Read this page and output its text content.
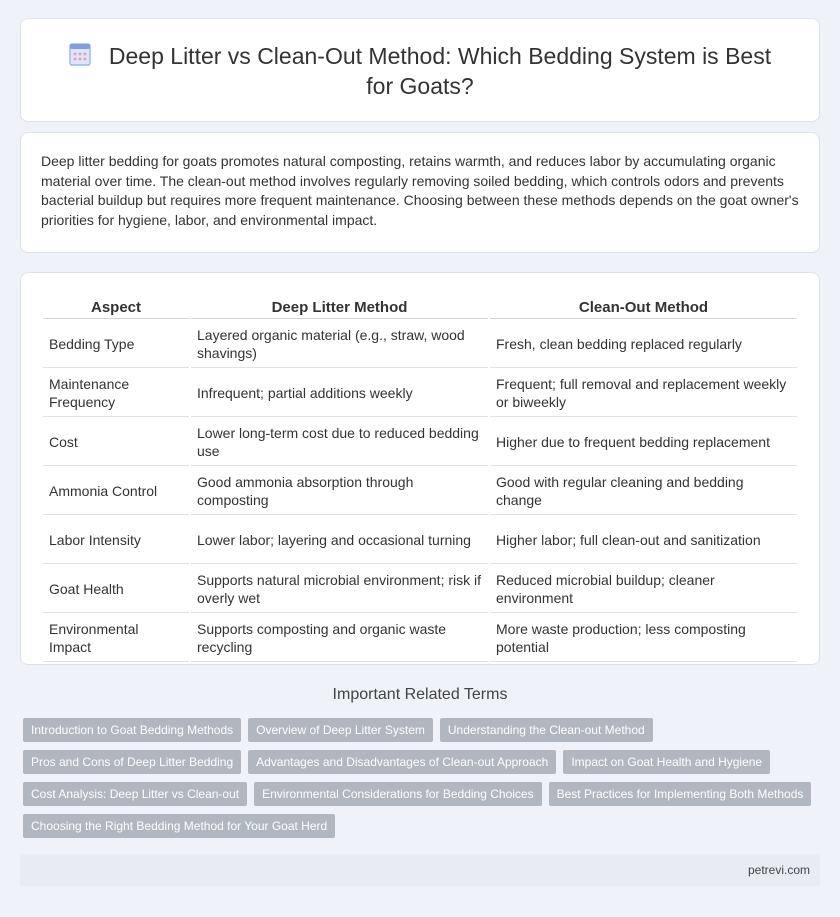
Deep Litter vs Clean-Out Method: Which Bedding System is Best for Goats?

Deep litter bedding for goats promotes natural composting, retains warmth, and reduces labor by accumulating organic material over time. The clean-out method involves regularly removing soiled bedding, which controls odors and prevents bacterial buildup but requires more frequent maintenance. Choosing between these methods depends on the goat owner's priorities for hygiene, labor, and environmental impact.

Aspect	Deep Litter Method	Clean-Out Method
Bedding Type	Layered organic material (e.g., straw, wood shavings)	Fresh, clean bedding replaced regularly
Maintenance Frequency	Infrequent; partial additions weekly	Frequent; full removal and replacement weekly or biweekly
Cost	Lower long-term cost due to reduced bedding use	Higher due to frequent bedding replacement
Ammonia Control	Good ammonia absorption through composting	Good with regular cleaning and bedding change
Labor Intensity	Lower labor; layering and occasional turning	Higher labor; full clean-out and sanitization
Goat Health	Supports natural microbial environment; risk if overly wet	Reduced microbial buildup; cleaner environment
Environmental Impact	Supports composting and organic waste recycling	More waste production; less composting potential
Important Related Terms
Introduction to Goat Bedding Methods	Overview of Deep Litter System	Understanding the Clean-out Method
Pros and Cons of Deep Litter Bedding	Advantages and Disadvantages of Clean-out Approach	Impact on Goat Health and Hygiene
Cost Analysis: Deep Litter vs Clean-out	Environmental Considerations for Bedding Choices	Best Practices for Implementing Both Methods
Choosing the Right Bedding Method for Your Goat Herd
petrevi.com
